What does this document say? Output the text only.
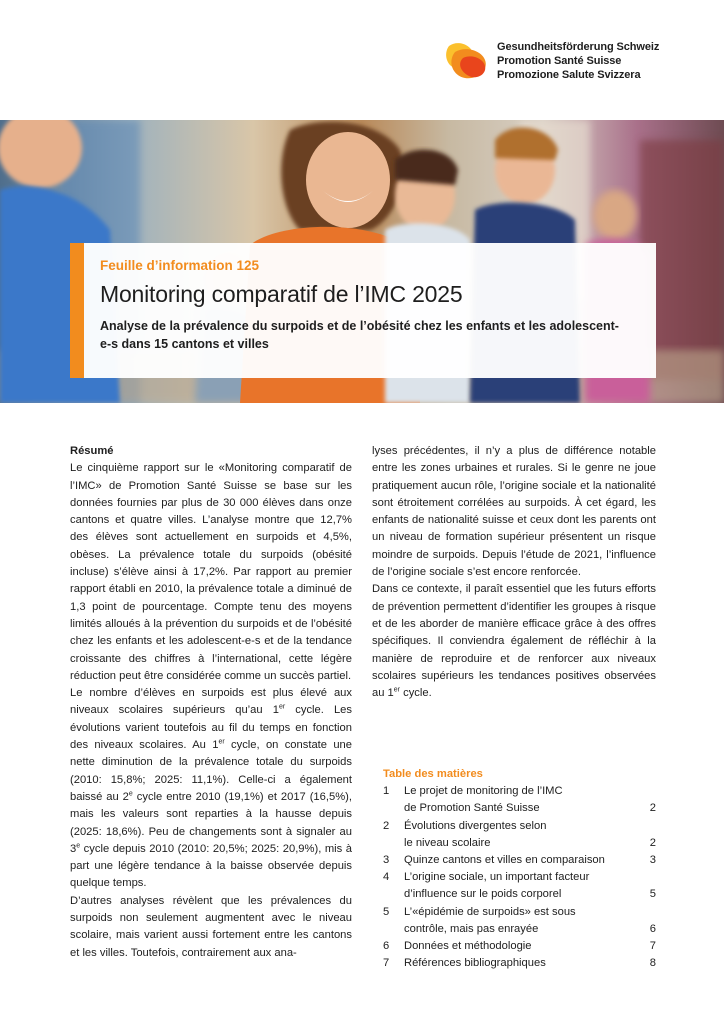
Gesundheitsförderung Schweiz
Promotion Santé Suisse
Promozione Salute Svizzera
Feuille d’information 125
Monitoring comparatif de l’IMC 2025
Analyse de la prévalence du surpoids et de l’obésité chez les enfants et les adolescent-e-s dans 15 cantons et villes

Résumé

Le cinquième rapport sur le «Monitoring comparatif de l’IMC» de Promotion Santé Suisse se base sur les données fournies par plus de 30 000 élèves dans onze cantons et quatre villes. L’analyse montre que 12,7% des élèves sont actuellement en surpoids et 4,5%, obèses. La prévalence totale du surpoids (obésité incluse) s’élève ainsi à 17,2%. Par rapport au premier rapport établi en 2010, la prévalence totale a diminué de 1,3 point de pourcentage. Compte tenu des moyens limités alloués à la prévention du surpoids et de l’obésité chez les enfants et les adolescent-e-s et de la tendance croissante des chiffres à l’international, cette légère réduction peut être considérée comme un succès partiel.

Le nombre d’élèves en surpoids est plus élevé aux niveaux scolaires supérieurs qu’au 1er cycle. Les évolutions varient toutefois au fil du temps en fonction des niveaux scolaires. Au 1er cycle, on constate une nette diminution de la prévalence totale du surpoids (2010: 15,8%; 2025: 11,1%). Celle-ci a également baissé au 2e cycle entre 2010 (19,1%) et 2017 (16,5%), mais les valeurs sont reparties à la hausse depuis (2025: 18,6%). Peu de changements sont à signaler au 3e cycle depuis 2010 (2010: 20,5%; 2025: 20,9%), mis à part une légère tendance à la baisse observée depuis quelque temps.

D’autres analyses révèlent que les prévalences du surpoids non seulement augmentent avec le niveau scolaire, mais varient aussi fortement entre les cantons et les villes. Toutefois, contrairement aux ana-

lyses précédentes, il n’y a plus de différence notable entre les zones urbaines et rurales. Si le genre ne joue pratiquement aucun rôle, l’origine sociale et la nationalité sont étroitement corrélées au surpoids. À cet égard, les enfants de nationalité suisse et ceux dont les parents ont un niveau de formation supérieur présentent un risque moindre de surpoids. Depuis l’étude de 2021, l’influence de l’origine sociale s’est encore renforcée.

Dans ce contexte, il paraît essentiel que les futurs efforts de prévention permettent d’identifier les groupes à risque et de les aborder de manière efficace grâce à des offres spécifiques. Il conviendra également de réfléchir à la manière de reproduire et de renforcer aux niveaux scolaires supérieurs les tendances positives observées au 1er cycle.

Table des matières
1	Le projet de monitoring de l’IMC
de Promotion Santé Suisse	2
2	Évolutions divergentes selon
le niveau scolaire	2
3	Quinze cantons et villes en comparaison	3
4	L’origine sociale, un important facteur
d’influence sur le poids corporel	5
5	L’«épidémie de surpoids» est sous
contrôle, mais pas enrayée	6
6	Données et méthodologie	7
7	Références bibliographiques	8
